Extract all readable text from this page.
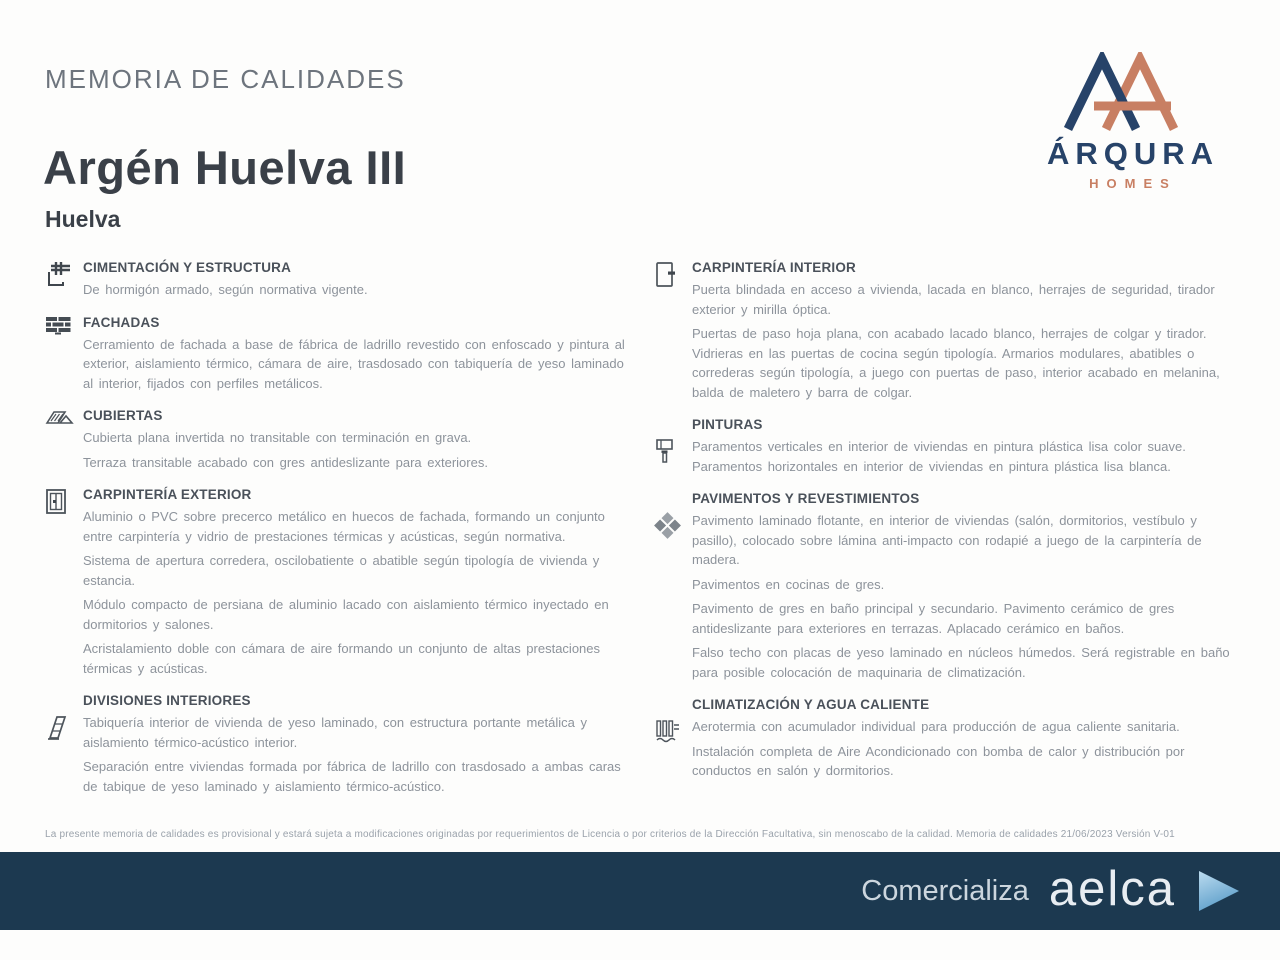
MEMORIA DE CALIDADES
ÁRQURA
HOMES
Argén Huelva III
Huelva
CIMENTACIÓN Y ESTRUCTURA

De hormigón armado, según normativa vigente.

FACHADAS

Cerramiento de fachada a base de fábrica de ladrillo revestido con enfoscado y pintura al exterior, aislamiento térmico, cámara de aire, trasdosado con tabiquería de yeso laminado al interior, fijados con perfiles metálicos.

CUBIERTAS

Cubierta plana invertida no transitable con terminación en grava.

Terraza transitable acabado con gres antideslizante para exteriores.

CARPINTERÍA EXTERIOR

Aluminio o PVC sobre precerco metálico en huecos de fachada, formando un conjunto entre carpintería y vidrio de prestaciones térmicas y acústicas, según normativa.

Sistema de apertura corredera, oscilobatiente o abatible según tipología de vivienda y estancia.

Módulo compacto de persiana de aluminio lacado con aislamiento térmico inyectado en dormitorios y salones.

Acristalamiento doble con cámara de aire formando un conjunto de altas prestaciones térmicas y acústicas.

DIVISIONES INTERIORES

Tabiquería interior de vivienda de yeso laminado, con estructura portante metálica y aislamiento térmico-acústico interior.

Separación entre viviendas formada por fábrica de ladrillo con trasdosado a ambas caras de tabique de yeso laminado y aislamiento térmico-acústico.

CARPINTERÍA INTERIOR

Puerta blindada en acceso a vivienda, lacada en blanco, herrajes de seguridad, tirador exterior y mirilla óptica.

Puertas de paso hoja plana, con acabado lacado blanco, herrajes de colgar y tirador. Vidrieras en las puertas de cocina según tipología. Armarios modulares, abatibles o correderas según tipología, a juego con puertas de paso, interior acabado en melanina, balda de maletero y barra de colgar.

PINTURAS

Paramentos verticales en interior de viviendas en pintura plástica lisa color suave. Paramentos horizontales en interior de viviendas en pintura plástica lisa blanca.

PAVIMENTOS Y REVESTIMIENTOS

Pavimento laminado flotante, en interior de viviendas (salón, dormitorios, vestíbulo y pasillo), colocado sobre lámina anti-impacto con rodapié a juego de la carpintería de madera.

Pavimentos en cocinas de gres.

Pavimento de gres en baño principal y secundario. Pavimento cerámico de gres antideslizante para exteriores en terrazas. Aplacado cerámico en baños.

Falso techo con placas de yeso laminado en núcleos húmedos. Será registrable en baño para posible colocación de maquinaria de climatización.

CLIMATIZACIÓN Y AGUA CALIENTE

Aerotermia con acumulador individual para producción de agua caliente sanitaria.

Instalación completa de Aire Acondicionado con bomba de calor y distribución por conductos en salón y dormitorios.

La presente memoria de calidades es provisional y estará sujeta a modificaciones originadas por requerimientos de Licencia o por criterios de la Dirección Facultativa, sin menoscabo de la calidad. Memoria de calidades 21/06/2023 Versión V-01
Comercializa aelca
